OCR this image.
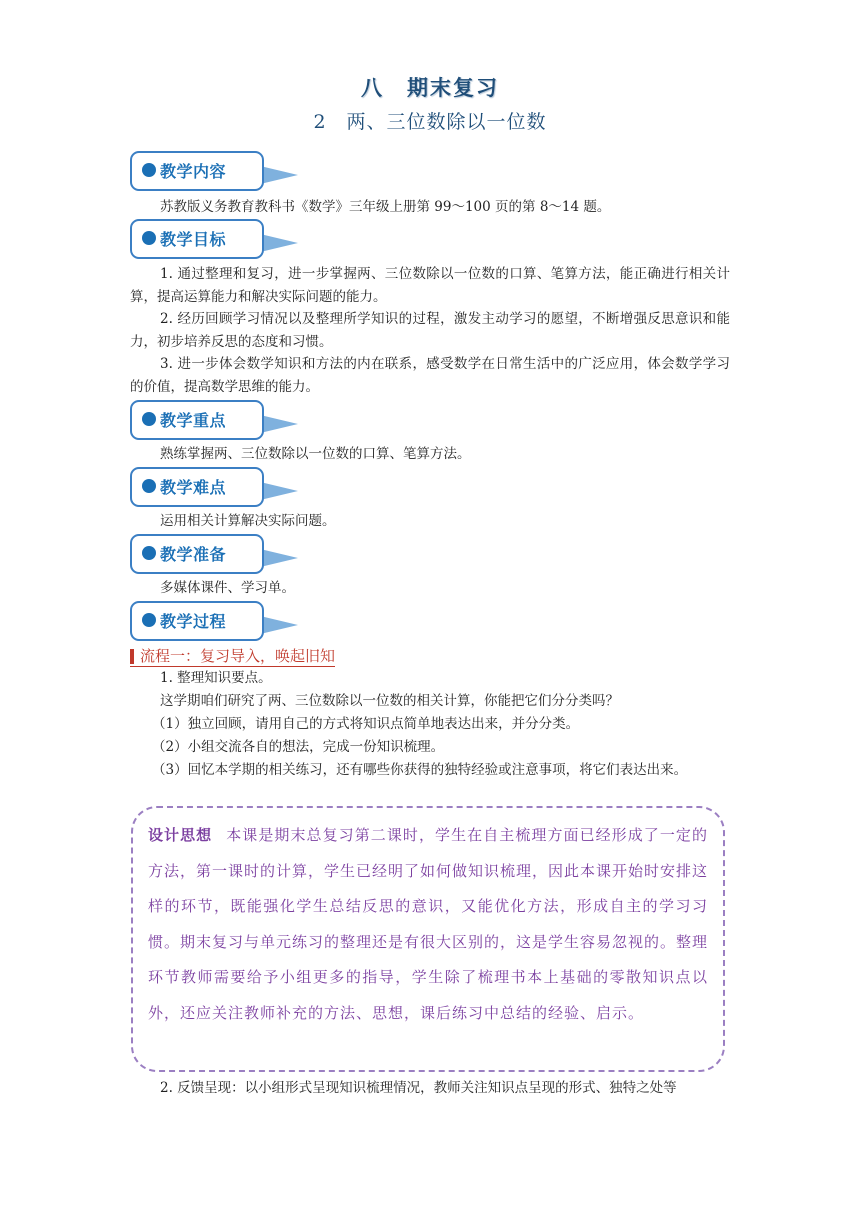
八　期末复习
2　两、三位数除以一位数
教学内容
苏教版义务教育教科书《数学》三年级上册第 99～100 页的第 8～14 题。
教学目标
1. 通过整理和复习，进一步掌握两、三位数除以一位数的口算、笔算方法，能正确进行相关计算，提高运算能力和解决实际问题的能力。
2. 经历回顾学习情况以及整理所学知识的过程，激发主动学习的愿望，不断增强反思意识和能力，初步培养反思的态度和习惯。
3. 进一步体会数学知识和方法的内在联系，感受数学在日常生活中的广泛应用，体会数学学习的价值，提高数学思维的能力。
教学重点
熟练掌握两、三位数除以一位数的口算、笔算方法。
教学难点
运用相关计算解决实际问题。
教学准备
多媒体课件、学习单。
教学过程
流程一：复习导入，唤起旧知
1. 整理知识要点。
这学期咱们研究了两、三位数除以一位数的相关计算，你能把它们分分类吗？
（1）独立回顾，请用自己的方式将知识点简单地表达出来，并分分类。
（2）小组交流各自的想法，完成一份知识梳理。
（3）回忆本学期的相关练习，还有哪些你获得的独特经验或注意事项，将它们表达出来。
设计思想 本课是期末总复习第二课时，学生在自主梳理方面已经形成了一定的方法，第一课时的计算，学生已经明了如何做知识梳理，因此本课开始时安排这样的环节，既能强化学生总结反思的意识，又能优化方法，形成自主的学习习惯。期末复习与单元练习的整理还是有很大区别的，这是学生容易忽视的。整理环节教师需要给予小组更多的指导，学生除了梳理书本上基础的零散知识点以外，还应关注教师补充的方法、思想，课后练习中总结的经验、启示。
2. 反馈呈现：以小组形式呈现知识梳理情况，教师关注知识点呈现的形式、独特之处等
